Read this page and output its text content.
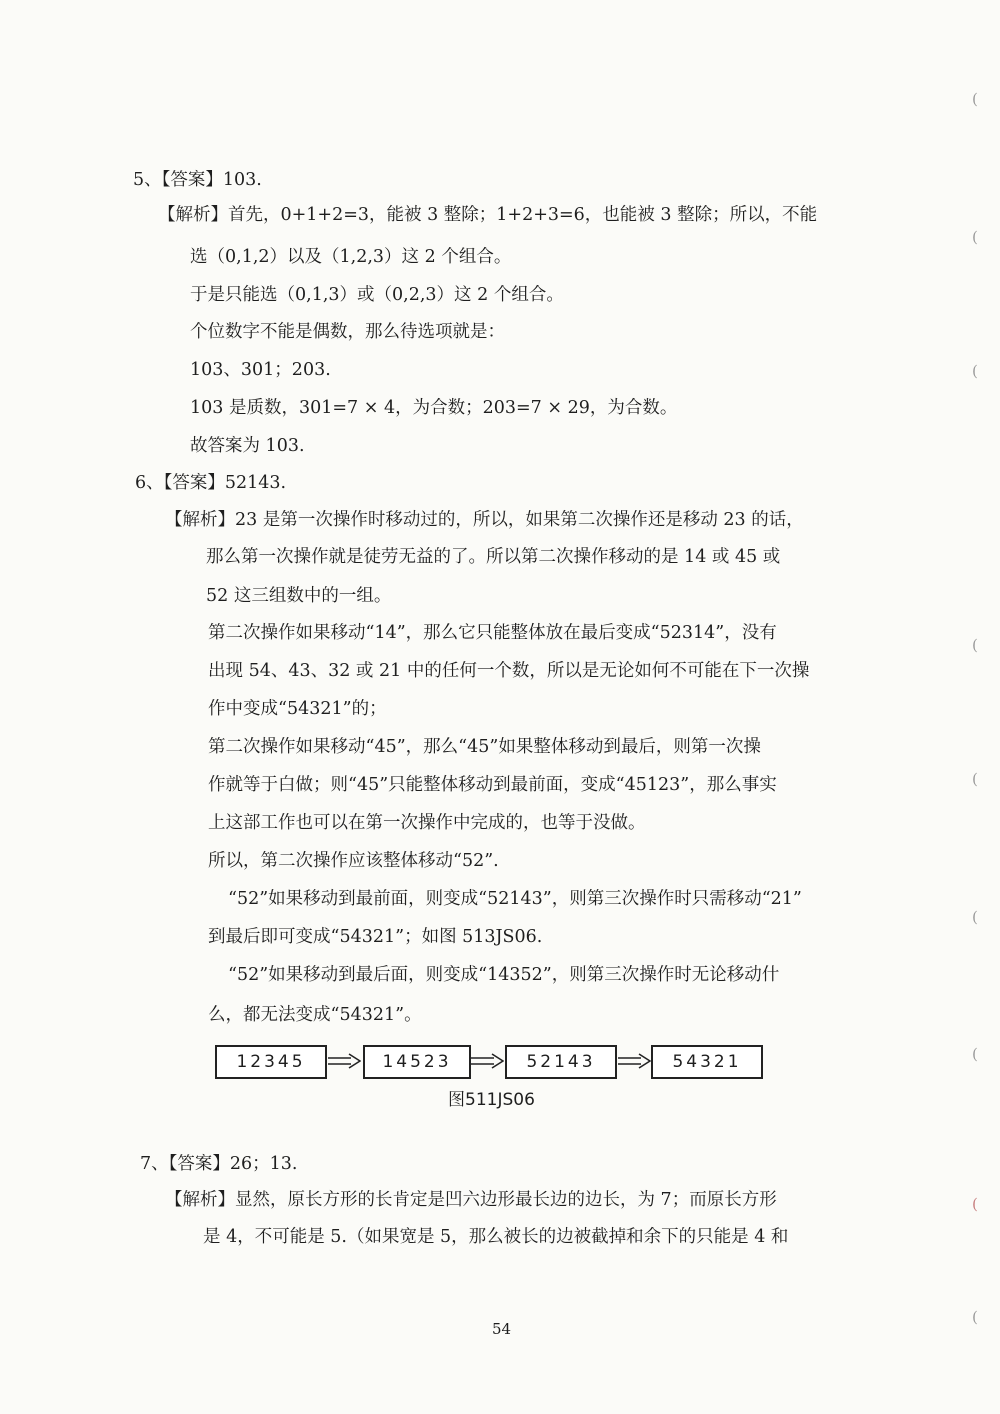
5、【答案】103.
【解析】首先，0+1+2=3，能被 3 整除；1+2+3=6，也能被 3 整除；所以，不能
选（0,1,2）以及（1,2,3）这 2 个组合。
于是只能选（0,1,3）或（0,2,3）这 2 个组合。
个位数字不能是偶数，那么待选项就是：
103、301；203.
103 是质数，301=7 × 4，为合数；203=7 × 29，为合数。
故答案为 103.
6、【答案】52143.
【解析】23 是第一次操作时移动过的，所以，如果第二次操作还是移动 23 的话，
那么第一次操作就是徒劳无益的了。所以第二次操作移动的是 14 或 45 或
52 这三组数中的一组。
第二次操作如果移动“14”，那么它只能整体放在最后变成“52314”，没有
出现 54、43、32 或 21 中的任何一个数，所以是无论如何不可能在下一次操
作中变成“54321”的；
第二次操作如果移动“45”，那么“45”如果整体移动到最后，则第一次操
作就等于白做；则“45”只能整体移动到最前面，变成“45123”，那么事实
上这部工作也可以在第一次操作中完成的，也等于没做。
所以，第二次操作应该整体移动“52”.
“52”如果移动到最前面，则变成“52143”，则第三次操作时只需移动“21”
到最后即可变成“54321”；如图 513JS06.
“52”如果移动到最后面，则变成“14352”，则第三次操作时无论移动什
么，都无法变成“54321”。
12345	14523	52143	54321
图511JS06
7、【答案】26；13.
【解析】显然，原长方形的长肯定是凹六边形最长边的边长，为 7；而原长方形
是 4，不可能是 5.（如果宽是 5，那么被长的边被截掉和余下的只能是 4 和
54
(
(
(
(
(
(
(
(
(
